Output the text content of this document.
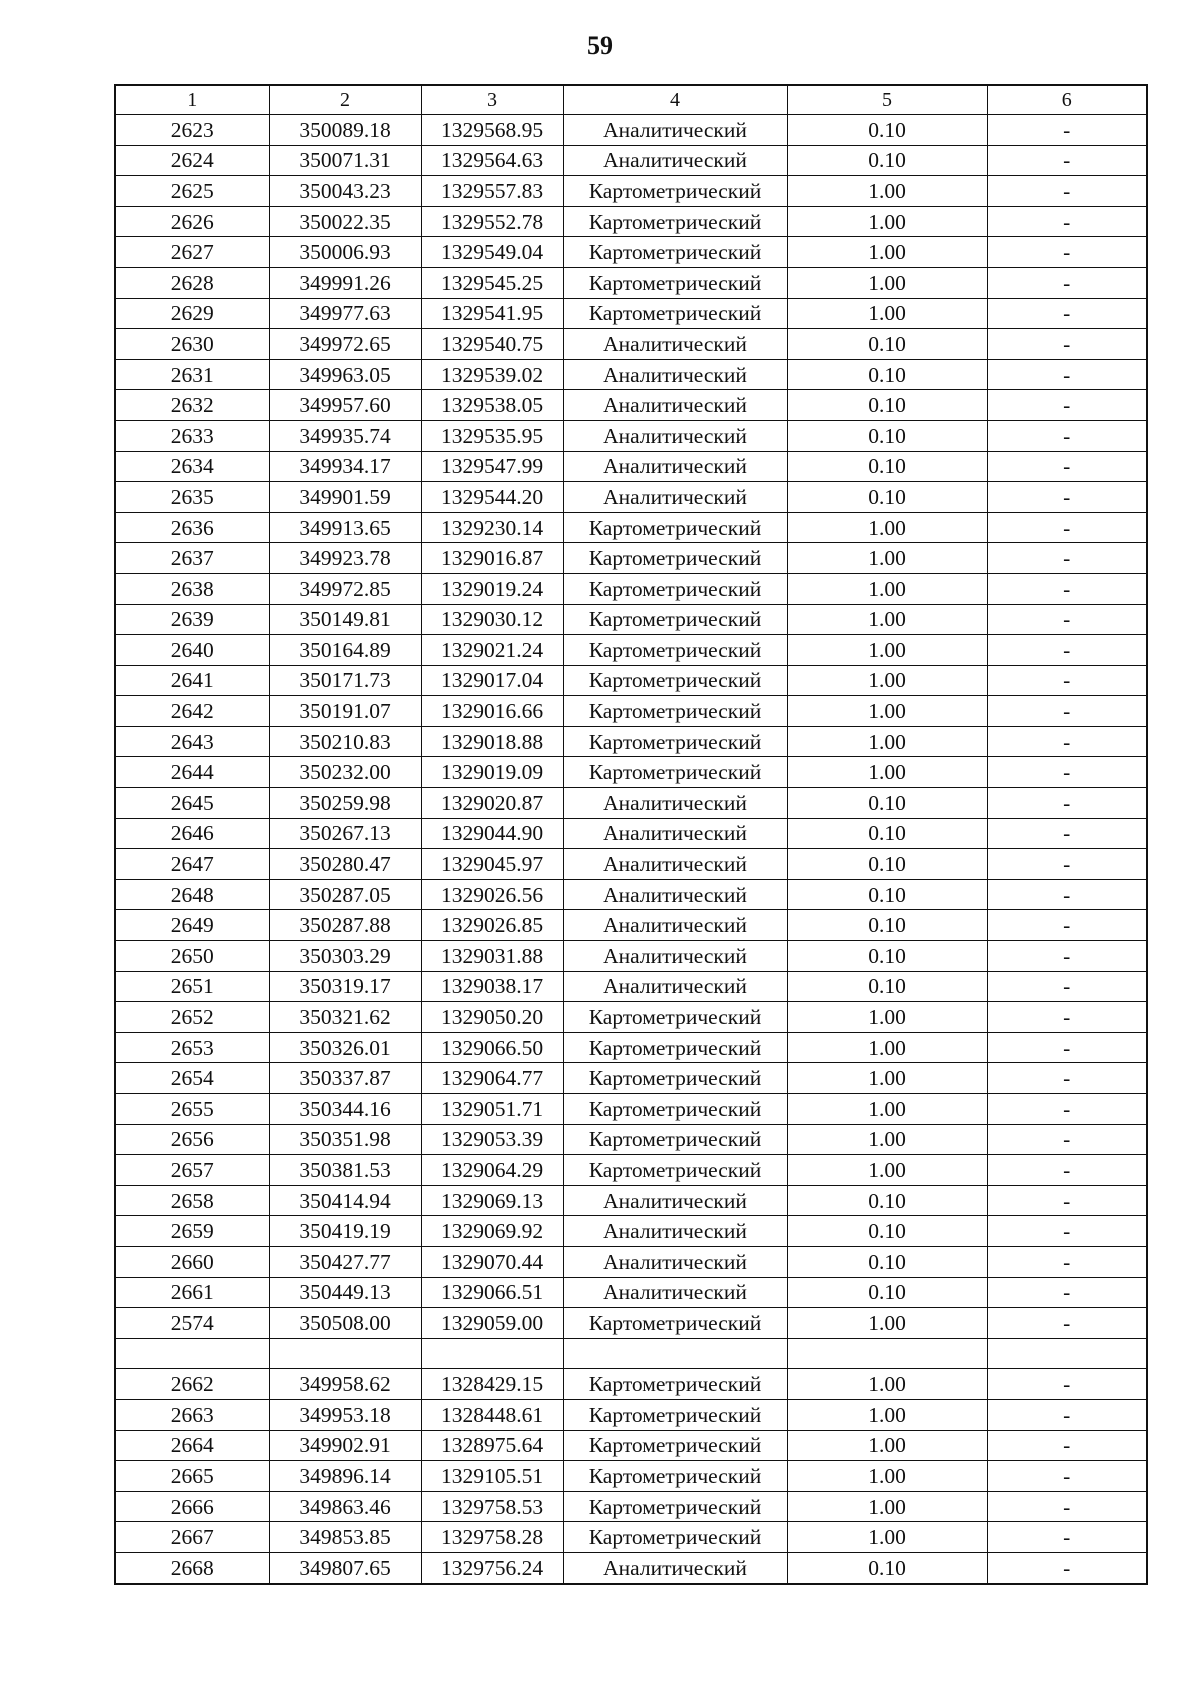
59
1	2	3	4	5	6
2623	350089.18	1329568.95	Аналитический	0.10	-
2624	350071.31	1329564.63	Аналитический	0.10	-
2625	350043.23	1329557.83	Картометрический	1.00	-
2626	350022.35	1329552.78	Картометрический	1.00	-
2627	350006.93	1329549.04	Картометрический	1.00	-
2628	349991.26	1329545.25	Картометрический	1.00	-
2629	349977.63	1329541.95	Картометрический	1.00	-
2630	349972.65	1329540.75	Аналитический	0.10	-
2631	349963.05	1329539.02	Аналитический	0.10	-
2632	349957.60	1329538.05	Аналитический	0.10	-
2633	349935.74	1329535.95	Аналитический	0.10	-
2634	349934.17	1329547.99	Аналитический	0.10	-
2635	349901.59	1329544.20	Аналитический	0.10	-
2636	349913.65	1329230.14	Картометрический	1.00	-
2637	349923.78	1329016.87	Картометрический	1.00	-
2638	349972.85	1329019.24	Картометрический	1.00	-
2639	350149.81	1329030.12	Картометрический	1.00	-
2640	350164.89	1329021.24	Картометрический	1.00	-
2641	350171.73	1329017.04	Картометрический	1.00	-
2642	350191.07	1329016.66	Картометрический	1.00	-
2643	350210.83	1329018.88	Картометрический	1.00	-
2644	350232.00	1329019.09	Картометрический	1.00	-
2645	350259.98	1329020.87	Аналитический	0.10	-
2646	350267.13	1329044.90	Аналитический	0.10	-
2647	350280.47	1329045.97	Аналитический	0.10	-
2648	350287.05	1329026.56	Аналитический	0.10	-
2649	350287.88	1329026.85	Аналитический	0.10	-
2650	350303.29	1329031.88	Аналитический	0.10	-
2651	350319.17	1329038.17	Аналитический	0.10	-
2652	350321.62	1329050.20	Картометрический	1.00	-
2653	350326.01	1329066.50	Картометрический	1.00	-
2654	350337.87	1329064.77	Картометрический	1.00	-
2655	350344.16	1329051.71	Картометрический	1.00	-
2656	350351.98	1329053.39	Картометрический	1.00	-
2657	350381.53	1329064.29	Картометрический	1.00	-
2658	350414.94	1329069.13	Аналитический	0.10	-
2659	350419.19	1329069.92	Аналитический	0.10	-
2660	350427.77	1329070.44	Аналитический	0.10	-
2661	350449.13	1329066.51	Аналитический	0.10	-
2574	350508.00	1329059.00	Картометрический	1.00	-

2662	349958.62	1328429.15	Картометрический	1.00	-
2663	349953.18	1328448.61	Картометрический	1.00	-
2664	349902.91	1328975.64	Картометрический	1.00	-
2665	349896.14	1329105.51	Картометрический	1.00	-
2666	349863.46	1329758.53	Картометрический	1.00	-
2667	349853.85	1329758.28	Картометрический	1.00	-
2668	349807.65	1329756.24	Аналитический	0.10	-
